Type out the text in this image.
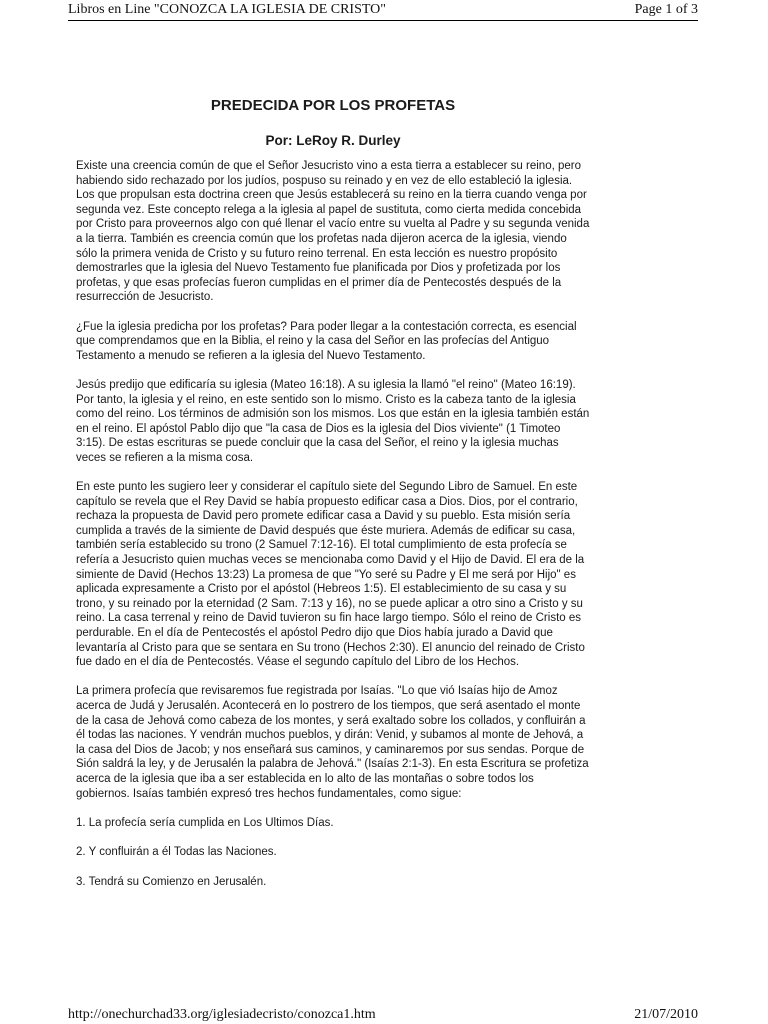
Libros en Line "CONOZCA LA IGLESIA DE CRISTO"	Page 1 of 3
PREDECIDA POR LOS PROFETAS
Por: LeRoy R. Durley

Existe una creencia común de que el Señor Jesucristo vino a esta tierra a establecer su reino, pero habiendo sido rechazado por los judíos, pospuso su reinado y en vez de ello estableció la iglesia. Los que propulsan esta doctrina creen que Jesús establecerá su reino en la tierra cuando venga por segunda vez. Este concepto relega a la iglesia al papel de sustituta, como cierta medida concebida por Cristo para proveernos algo con qué llenar el vacío entre su vuelta al Padre y su segunda venida a la tierra. También es creencia común que los profetas nada dijeron acerca de la iglesia, viendo sólo la primera venida de Cristo y su futuro reino terrenal. En esta lección es nuestro propósito demostrarles que la iglesia del Nuevo Testamento fue planificada por Dios y profetizada por los profetas, y que esas profecías fueron cumplidas en el primer día de Pentecostés después de la resurrección de Jesucristo.

¿Fue la iglesia predicha por los profetas? Para poder llegar a la contestación correcta, es esencial que comprendamos que en la Biblia, el reino y la casa del Señor en las profecías del Antiguo Testamento a menudo se refieren a la iglesia del Nuevo Testamento.

Jesús predijo que edificaría su iglesia (Mateo 16:18). A su iglesia la llamó "el reino" (Mateo 16:19). Por tanto, la iglesia y el reino, en este sentido son lo mismo. Cristo es la cabeza tanto de la iglesia como del reino. Los términos de admisión son los mismos. Los que están en la iglesia también están en el reino. El apóstol Pablo dijo que "la casa de Dios es la iglesia del Dios viviente" (1 Timoteo 3:15). De estas escrituras se puede concluir que la casa del Señor, el reino y la iglesia muchas veces se refieren a la misma cosa.

En este punto les sugiero leer y considerar el capítulo siete del Segundo Libro de Samuel. En este capítulo se revela que el Rey David se había propuesto edificar casa a Dios. Dios, por el contrario, rechaza la propuesta de David pero promete edificar casa a David y su pueblo. Esta misión sería cumplida a través de la simiente de David después que éste muriera. Además de edificar su casa, también sería establecido su trono (2 Samuel 7:12-16). El total cumplimiento de esta profecía se refería a Jesucristo quien muchas veces se mencionaba como David y el Hijo de David. El era de la simiente de David (Hechos 13:23) La promesa de que "Yo seré su Padre y El me será por Hijo" es aplicada expresamente a Cristo por el apóstol (Hebreos 1:5). El establecimiento de su casa y su trono, y su reinado por la eternidad (2 Sam. 7:13 y 16), no se puede aplicar a otro sino a Cristo y su reino. La casa terrenal y reino de David tuvieron su fin hace largo tiempo. Sólo el reino de Cristo es perdurable. En el día de Pentecostés el apóstol Pedro dijo que Dios había jurado a David que levantaría al Cristo para que se sentara en Su trono (Hechos 2:30). El anuncio del reinado de Cristo fue dado en el día de Pentecostés. Véase el segundo capítulo del Libro de los Hechos.

La primera profecía que revisaremos fue registrada por Isaías. "Lo que vió Isaías hijo de Amoz acerca de Judá y Jerusalén. Acontecerá en lo postrero de los tiempos, que será asentado el monte de la casa de Jehová como cabeza de los montes, y será exaltado sobre los collados, y confluirán a él todas las naciones. Y vendrán muchos pueblos, y dirán: Venid, y subamos al monte de Jehová, a la casa del Dios de Jacob; y nos enseñará sus caminos, y caminaremos por sus sendas. Porque de Sión saldrá la ley, y de Jerusalén la palabra de Jehová." (Isaías 2:1-3). En esta Escritura se profetiza acerca de la iglesia que iba a ser establecida en lo alto de las montañas o sobre todos los gobiernos. Isaías también expresó tres hechos fundamentales, como sigue:

1. La profecía sería cumplida en Los Ultimos Días.
2. Y confluirán a él Todas las Naciones.
3. Tendrá su Comienzo en Jerusalén.
http://onechurchad33.org/iglesiadecristo/conozca1.htm	21/07/2010
